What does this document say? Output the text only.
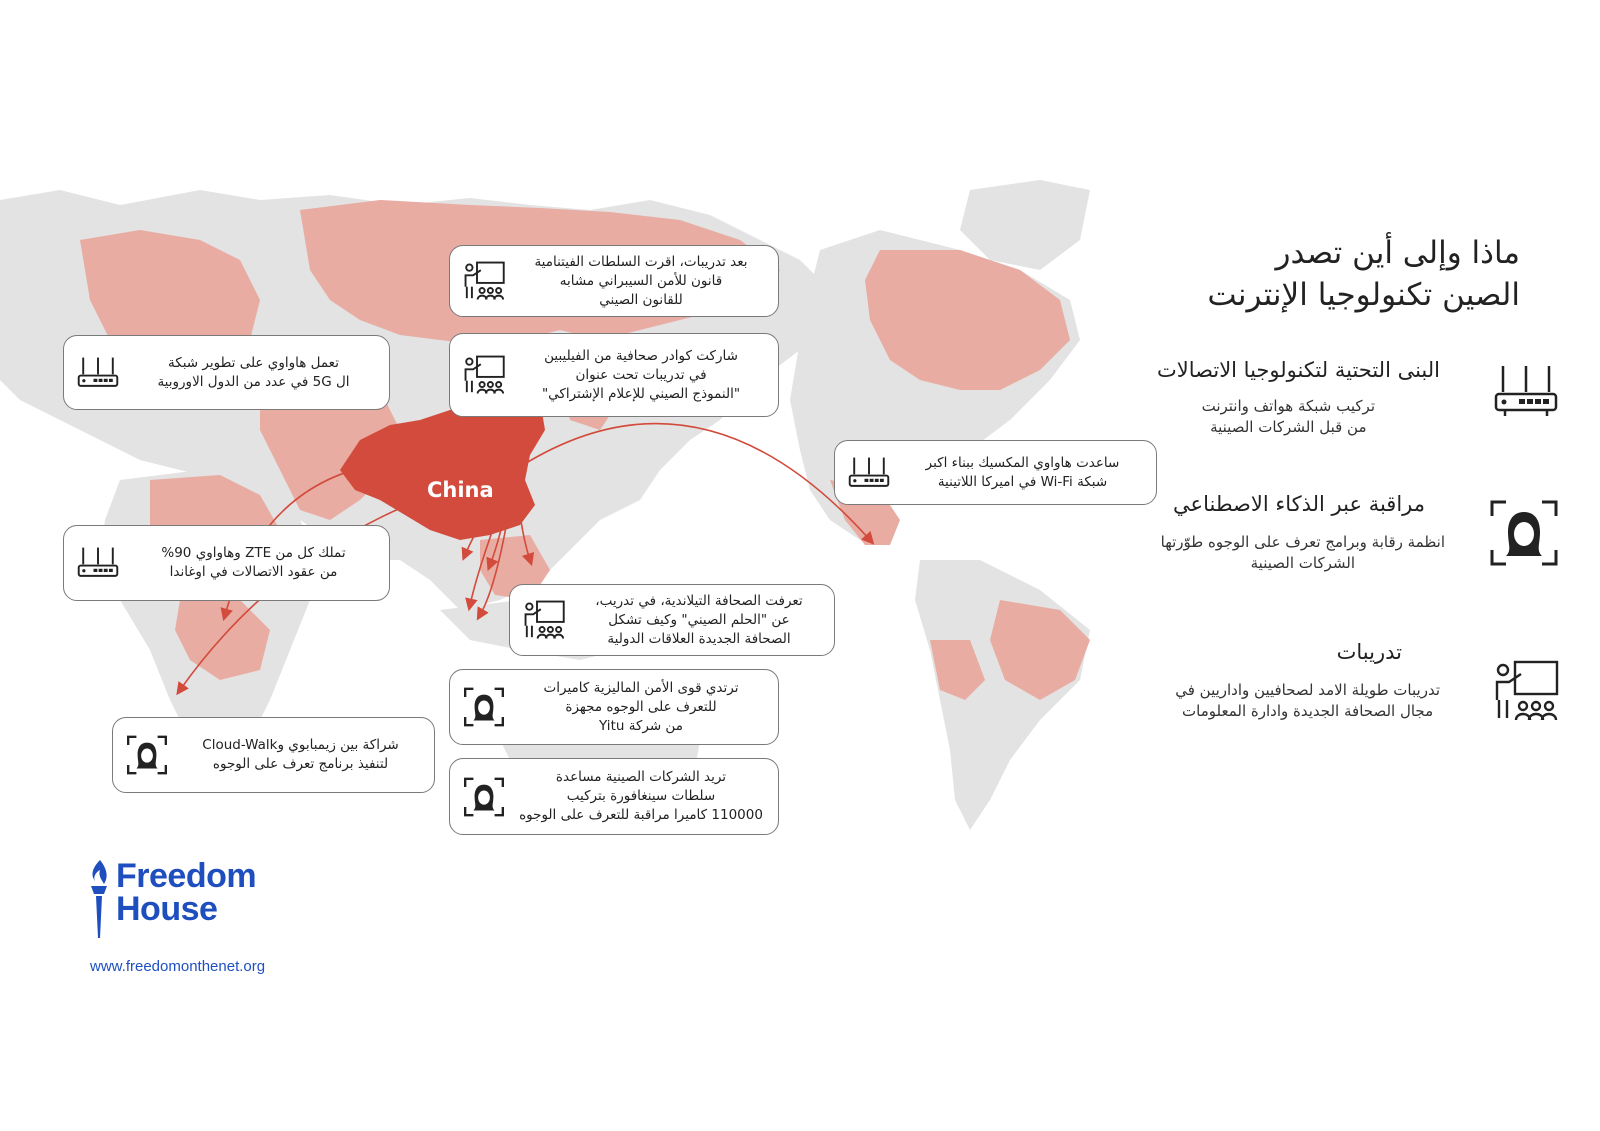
China
ماذا وإلى أين تصدر
الصين تكنولوجيا الإنترنت
البنى التحتية لتكنولوجيا الاتصالات
تركيب شبكة هواتف وانترنت
من قبل الشركات الصينية
مراقبة عبر الذكاء الاصطناعي
انظمة رقابة وبرامج تعرف على الوجوه طوّرتها
الشركات الصينية
تدريبات
تدريبات طويلة الامد لصحافيين واداريين في
مجال الصحافة الجديدة وادارة المعلومات
بعد تدريبات، اقرت السلطات الفيتنامية
قانون للأمن السيبراني مشابه
للقانون الصيني
شاركت كوادر صحافية من الفيليبين
في تدريبات تحت عنوان
"النموذج الصيني للإعلام الإشتراكي"
تعمل هاواوي على تطوير شبكة
ال 5G في عدد من الدول الاوروبية
ساعدت هاواوي المكسيك ببناء اكبر
شبكة Wi-Fi في اميركا اللاتينية
تملك كل من ZTE وهاواوي 90%
من عقود الاتصالات في اوغاندا
تعرفت الصحافة التيلاندية، في تدريب،
عن "الحلم الصيني" وكيف تشكل
الصحافة الجديدة العلاقات الدولية
ترتدي قوى الأمن الماليزية كاميرات
للتعرف على الوجوه مجهزة
من شركة Yitu
شراكة بين زيمبابوي وCloud-Walk
لتنفيذ برنامج تعرف على الوجوه
تريد الشركات الصينية مساعدة
سلطات سينغافورة بتركيب
110000 كاميرا مراقبة للتعرف على الوجوه
Freedom
House
www.freedomonthenet.org
